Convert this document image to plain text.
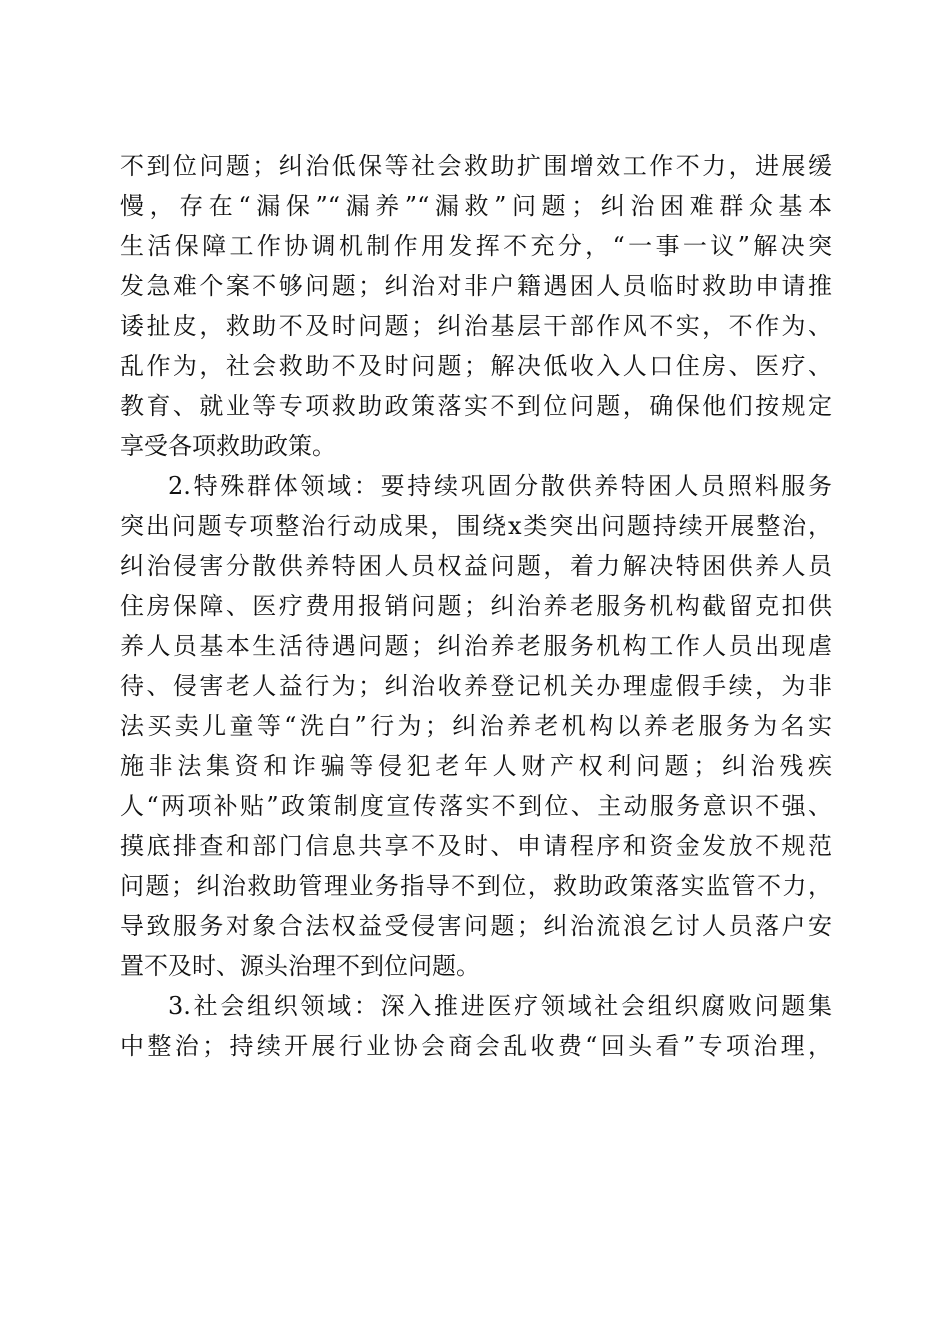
不到位问题；纠治低保等社会救助扩围增效工作不力，进展缓
慢，存在“漏保”“漏养”“漏救”问题；纠治困难群众基本
生活保障工作协调机制作用发挥不充分，“一事一议”解决突
发急难个案不够问题；纠治对非户籍遇困人员临时救助申请推
诿扯皮，救助不及时问题；纠治基层干部作风不实，不作为、
乱作为，社会救助不及时问题；解决低收入人口住房、医疗、
教育、就业等专项救助政策落实不到位问题，确保他们按规定
享受各项救助政策。
2.特殊群体领域：要持续巩固分散供养特困人员照料服务
突出问题专项整治行动成果，围绕x类突出问题持续开展整治，
纠治侵害分散供养特困人员权益问题，着力解决特困供养人员
住房保障、医疗费用报销问题；纠治养老服务机构截留克扣供
养人员基本生活待遇问题；纠治养老服务机构工作人员出现虐
待、侵害老人益行为；纠治收养登记机关办理虚假手续，为非
法买卖儿童等“洗白”行为；纠治养老机构以养老服务为名实
施非法集资和诈骗等侵犯老年人财产权利问题；纠治残疾
人“两项补贴”政策制度宣传落实不到位、主动服务意识不强、
摸底排查和部门信息共享不及时、申请程序和资金发放不规范
问题；纠治救助管理业务指导不到位，救助政策落实监管不力，
导致服务对象合法权益受侵害问题；纠治流浪乞讨人员落户安
置不及时、源头治理不到位问题。
3.社会组织领域：深入推进医疗领域社会组织腐败问题集
中整治；持续开展行业协会商会乱收费“回头看”专项治理，
